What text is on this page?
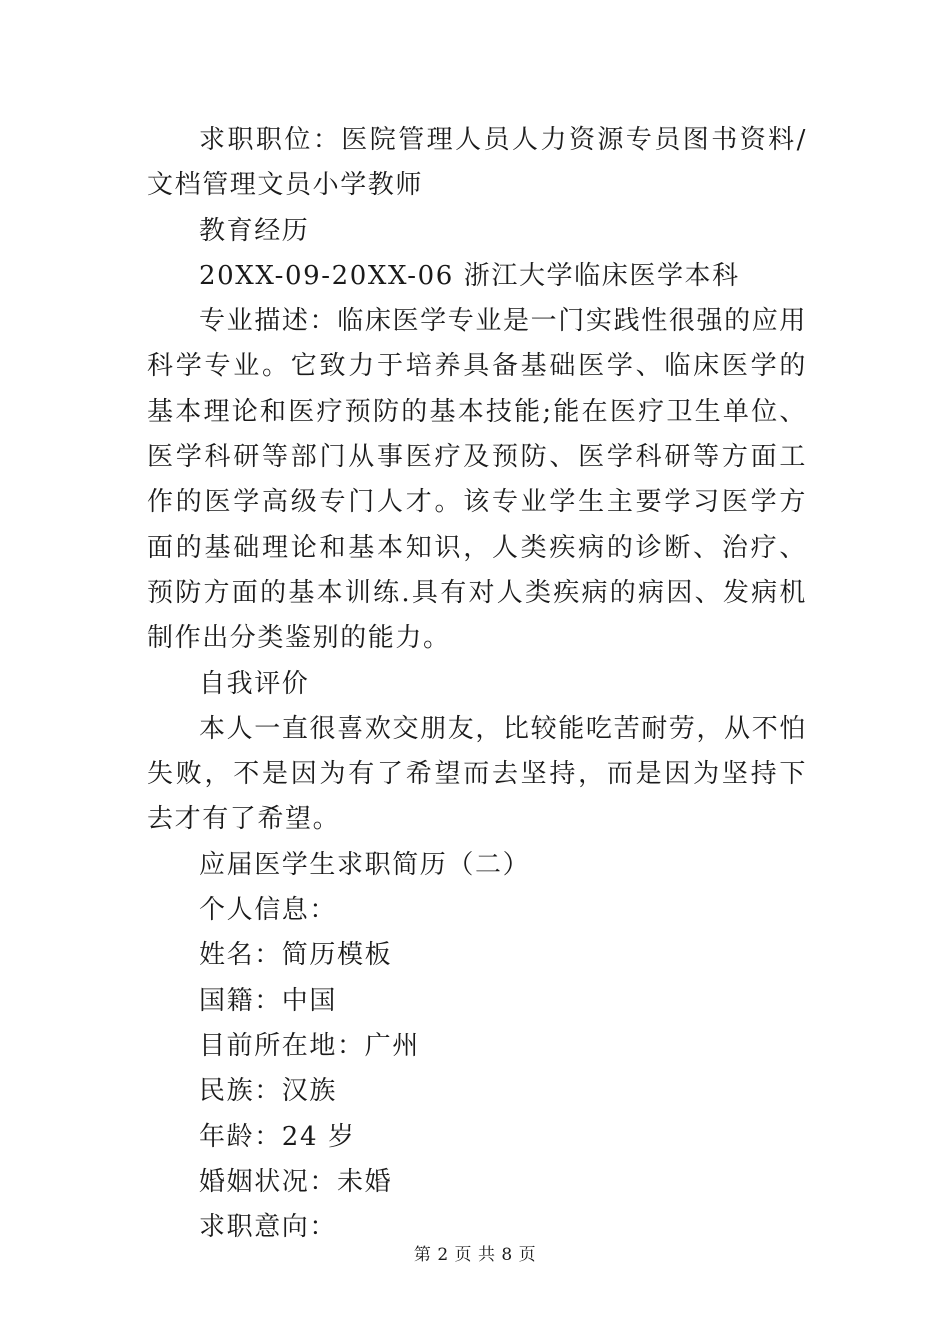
求职职位：医院管理人员人力资源专员图书资料/文档管理文员小学教师

教育经历

20XX-09-20XX-06 浙江大学临床医学本科

专业描述：临床医学专业是一门实践性很强的应用科学专业。它致力于培养具备基础医学、临床医学的基本理论和医疗预防的基本技能;能在医疗卫生单位、医学科研等部门从事医疗及预防、医学科研等方面工作的医学高级专门人才。该专业学生主要学习医学方面的基础理论和基本知识，人类疾病的诊断、治疗、预防方面的基本训练.具有对人类疾病的病因、发病机制作出分类鉴别的能力。

自我评价

本人一直很喜欢交朋友，比较能吃苦耐劳，从不怕失败，不是因为有了希望而去坚持，而是因为坚持下去才有了希望。

应届医学生求职简历（二）

个人信息：

姓名：简历模板

国籍：中国

目前所在地：广州

民族：汉族

年龄：24 岁

婚姻状况：未婚

求职意向：

第 2 页 共 8 页
